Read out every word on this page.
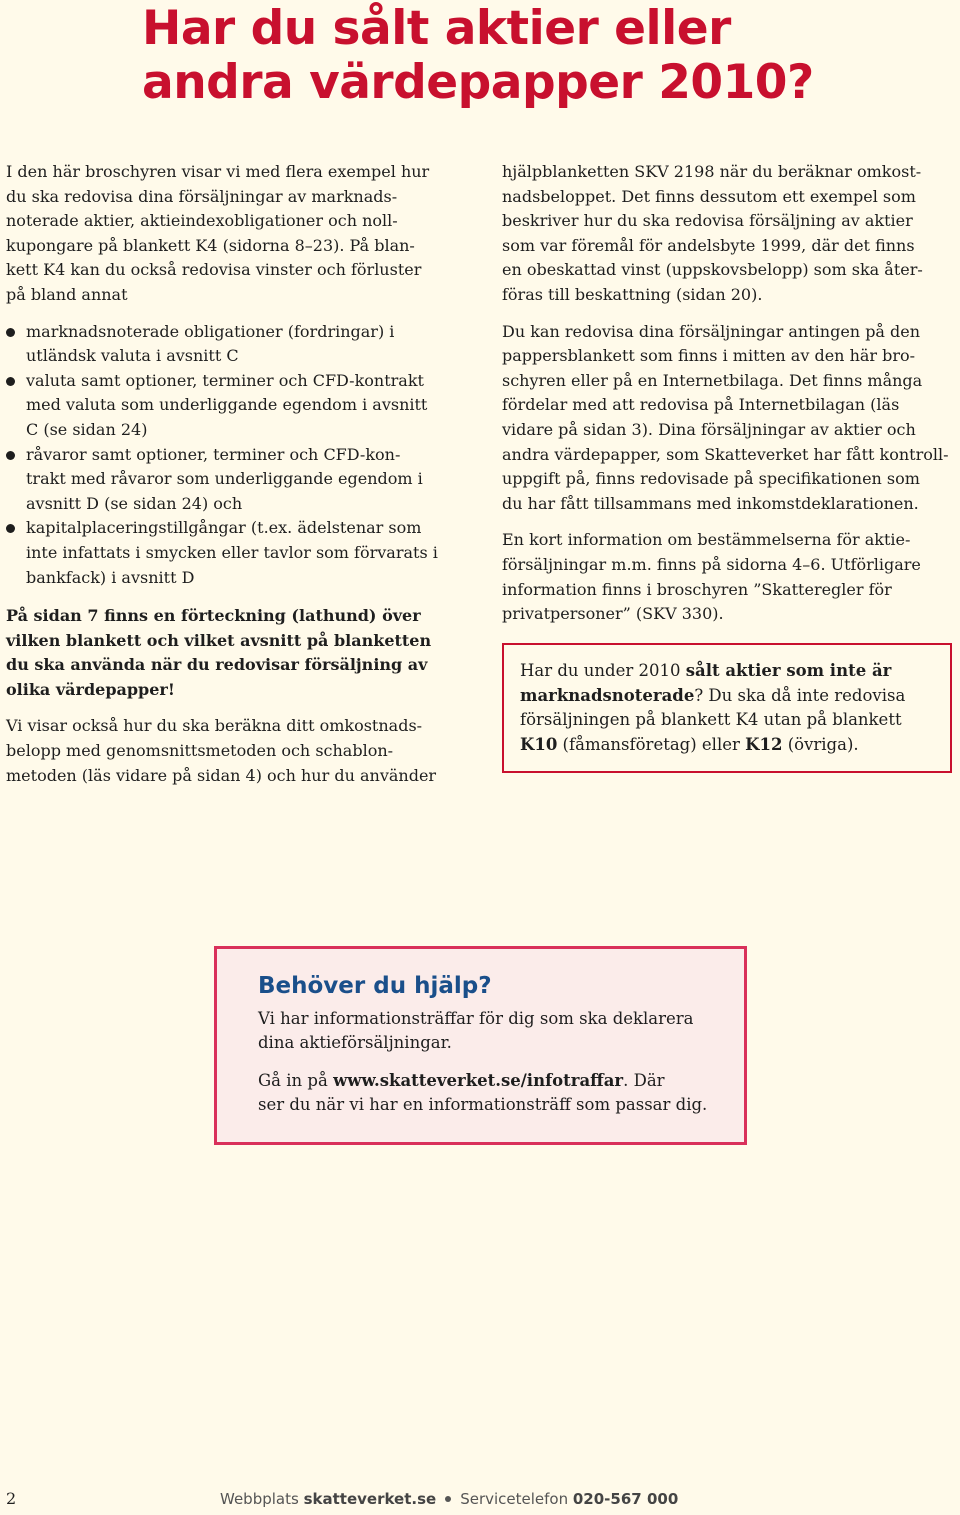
Har du sålt aktier eller
andra värdepapper 2010?
I den här broschyren visar vi med flera exempel hur
du ska redovisa dina försäljningar av marknads-
noterade aktier, aktieindexobligationer och noll-
kupongare på blankett K4 (sidorna 8–23). På blan-
kett K4 kan du också redovisa vinster och förluster
på bland annat
marknadsnoterade obligationer (fordringar) i
utländsk valuta i avsnitt C
valuta samt optioner, terminer och CFD-kontrakt
med valuta som underliggande egendom i avsnitt
C (se sidan 24)
råvaror samt optioner, terminer och CFD-kon-
trakt med råvaror som underliggande egendom i
avsnitt D (se sidan 24) och
kapitalplaceringstillgångar (t.ex. ädelstenar som
inte infattats i smycken eller tavlor som förvarats i
bankfack) i avsnitt D
På sidan 7 finns en förteckning (lathund) över
vilken blankett och vilket avsnitt på blanketten
du ska använda när du redovisar försäljning av
olika värdepapper!
Vi visar också hur du ska beräkna ditt omkostnads-
belopp med genomsnittsmetoden och schablon-
metoden (läs vidare på sidan 4) och hur du använder
hjälpblanketten SKV 2198 när du beräknar omkost-
nadsbeloppet. Det finns dessutom ett exempel som
beskriver hur du ska redovisa försäljning av aktier
som var föremål för andelsbyte 1999, där det finns
en obeskattad vinst (uppskovsbelopp) som ska åter-
föras till beskattning (sidan 20).
Du kan redovisa dina försäljningar antingen på den
pappersblankett som finns i mitten av den här bro-
schyren eller på en Internetbilaga. Det finns många
fördelar med att redovisa på Internetbilagan (läs
vidare på sidan 3). Dina försäljningar av aktier och
andra värdepapper, som Skatteverket har fått kontroll-
uppgift på, finns redovisade på specifikationen som
du har fått tillsammans med inkomstdeklarationen.
En kort information om bestämmelserna för aktie-
försäljningar m.m. finns på sidorna 4–6. Utförligare
information finns i broschyren ”Skatteregler för
privatpersoner” (SKV 330).
Har du under 2010 sålt aktier som inte är
marknadsnoterade? Du ska då inte redovisa
försäljningen på blankett K4 utan på blankett
K10 (fåmansföretag) eller K12 (övriga).
Behöver du hjälp?
Vi har informationsträffar för dig som ska deklarera
dina aktieförsäljningar.
Gå in på www.skatteverket.se/infotraffar. Där
ser du när vi har en informationsträff som passar dig.
2	Webbplats skatteverket.se Servicetelefon 020-567 000
